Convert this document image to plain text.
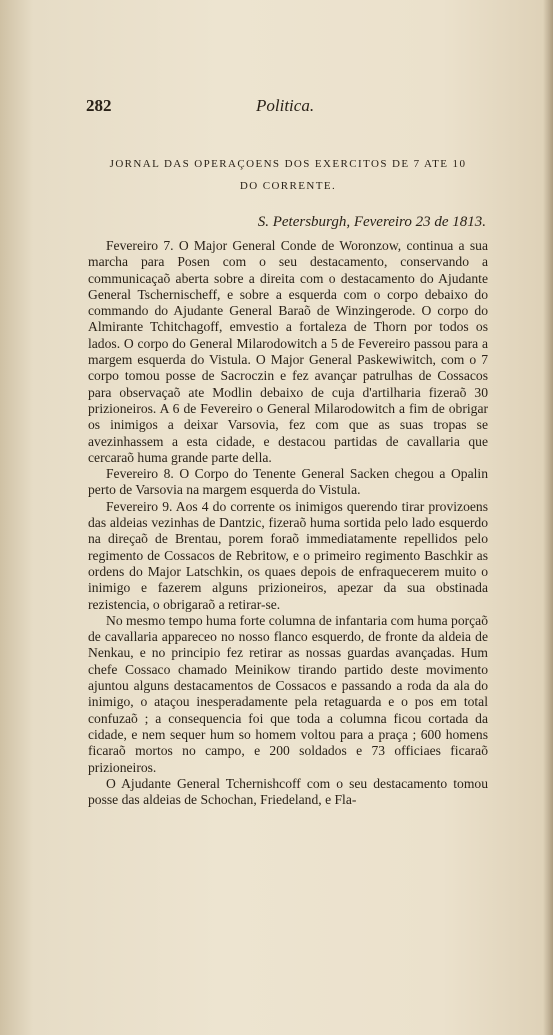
282	Politica.
JORNAL DAS OPERAÇOENS DOS EXERCITOS DE 7 ATE 10
DO CORRENTE.
S. Petersburgh, Fevereiro 23 de 1813.

Fevereiro 7. O Major General Conde de Woronzow, continua a sua marcha para Posen com o seu destacamento, conservando a communicaçaõ aberta sobre a direita com o destacamento do Ajudante General Tschernischeff, e sobre a esquerda com o corpo debaixo do commando do Ajudante General Baraõ de Winzingerode. O corpo do Almirante Tchitchagoff, emvestio a fortaleza de Thorn por todos os lados. O corpo do General Milarodowitch a 5 de Fevereiro passou para a margem esquerda do Vistula. O Major General Paskewiwitch, com o 7 corpo tomou posse de Sacroczin e fez avançar patrulhas de Cossacos para observaçaõ ate Modlin debaixo de cuja d'artilharia fizeraõ 30 prizioneiros. A 6 de Fevereiro o General Milarodowitch a fim de obrigar os inimigos a deixar Varsovia, fez com que as suas tropas se avezinhassem a esta cidade, e destacou partidas de cavallaria que cercaraõ huma grande parte della.

Fevereiro 8. O Corpo do Tenente General Sacken chegou a Opalin perto de Varsovia na margem esquerda do Vistula.

Fevereiro 9. Aos 4 do corrente os inimigos querendo tirar provizoens das aldeias vezinhas de Dantzic, fizeraõ huma sortida pelo lado esquerdo na direçaõ de Brentau, porem foraõ immediatamente repellidos pelo regimento de Cossacos de Rebritow, e o primeiro regimento Baschkir as ordens do Major Latschkin, os quaes depois de enfraquecerem muito o inimigo e fazerem alguns prizioneiros, apezar da sua obstinada rezistencia, o obrigaraõ a retirar-se.

No mesmo tempo huma forte columna de infantaria com huma porçaõ de cavallaria appareceo no nosso flanco esquerdo, de fronte da aldeia de Nenkau, e no principio fez retirar as nossas guardas avançadas. Hum chefe Cossaco chamado Meinikow tirando partido deste movimento ajuntou alguns destacamentos de Cossacos e passando a roda da ala do inimigo, o ataçou inesperadamente pela retaguarda e o pos em total confuzaõ ; a consequencia foi que toda a columna ficou cortada da cidade, e nem sequer hum so homem voltou para a praça ; 600 homens ficaraõ mortos no campo, e 200 soldados e 73 officiaes ficaraõ prizioneiros.

O Ajudante General Tchernishcoff com o seu destacamento tomou posse das aldeias de Schochan, Friedeland, e Fla-
